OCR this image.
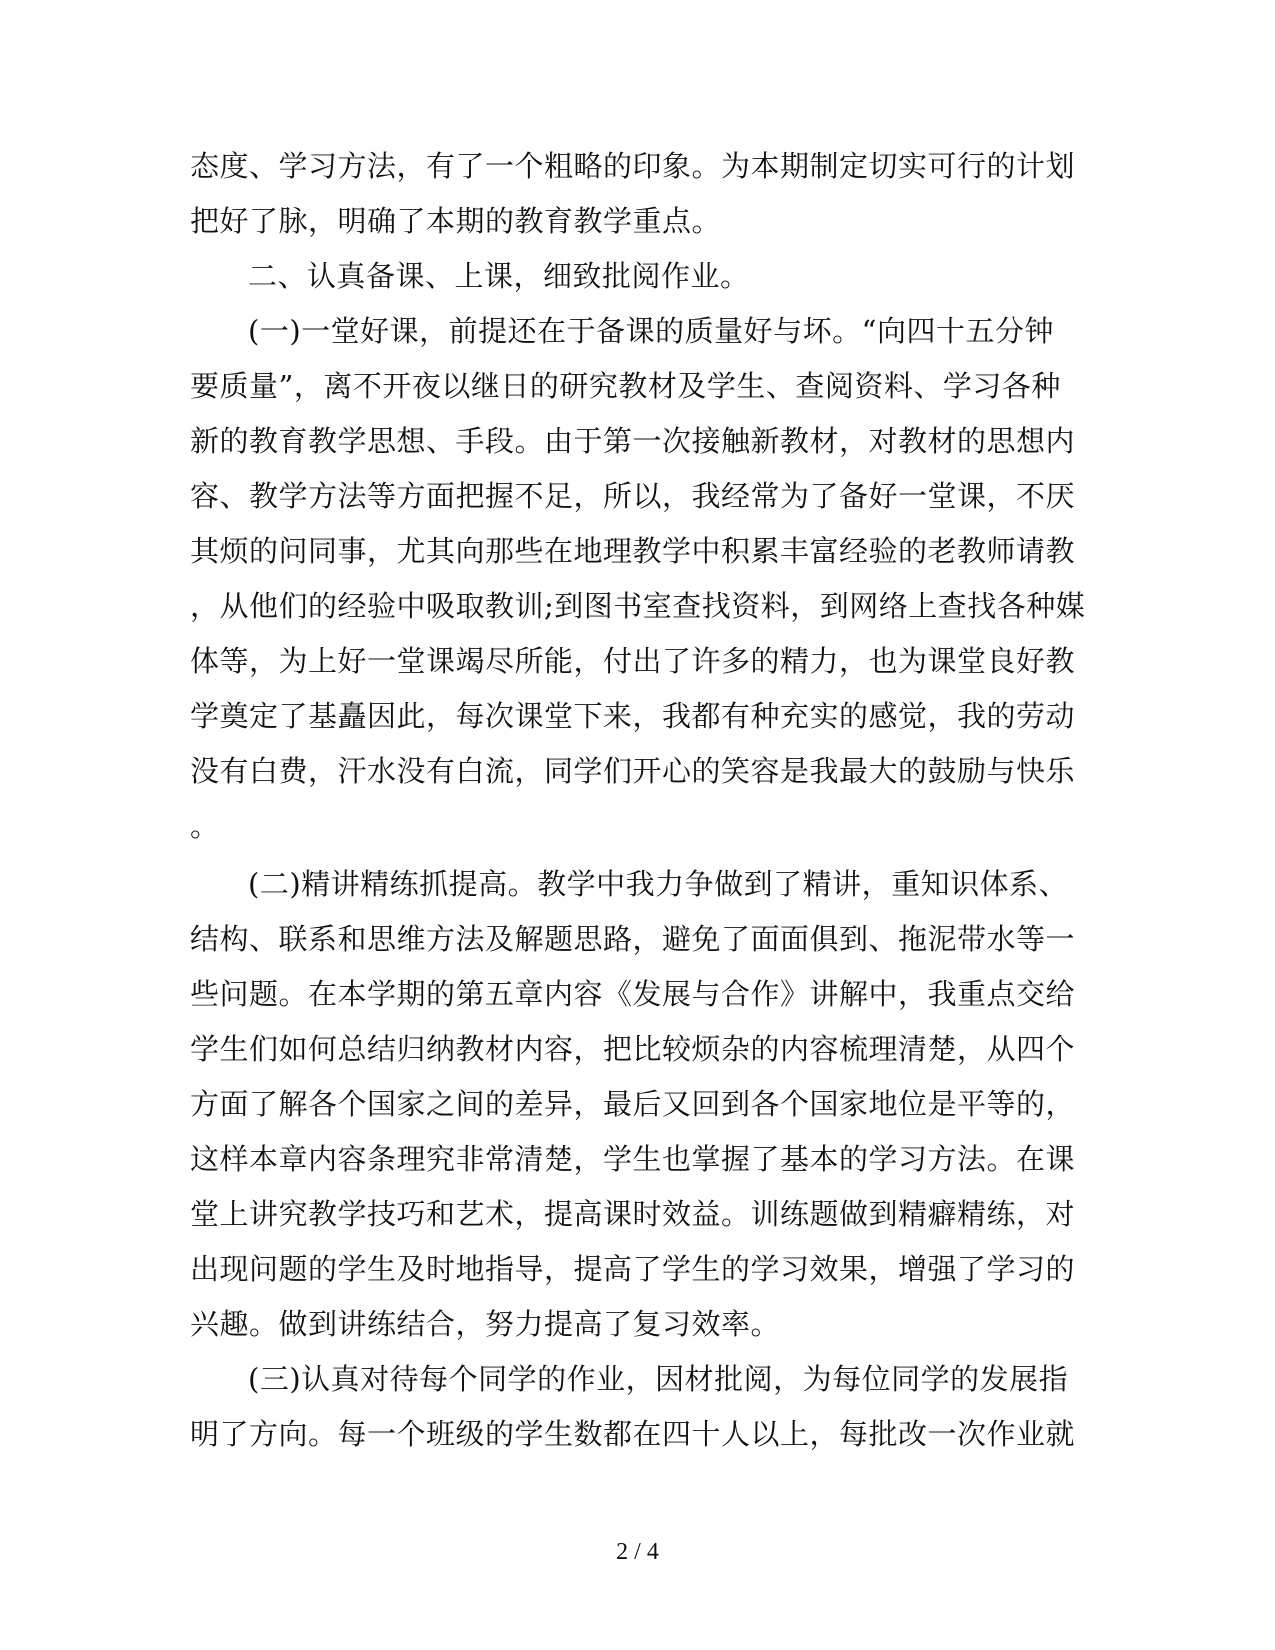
态度、学习方法，有了一个粗略的印象。为本期制定切实可行的计划
把好了脉，明确了本期的教育教学重点。
二、认真备课、上课，细致批阅作业。
(一)一堂好课，前提还在于备课的质量好与坏。“向四十五分钟
要质量”，离不开夜以继日的研究教材及学生、查阅资料、学习各种
新的教育教学思想、手段。由于第一次接触新教材，对教材的思想内
容、教学方法等方面把握不足，所以，我经常为了备好一堂课，不厌
其烦的问同事，尤其向那些在地理教学中积累丰富经验的老教师请教
，从他们的经验中吸取教训;到图书室查找资料，到网络上查找各种媒
体等，为上好一堂课竭尽所能，付出了许多的精力，也为课堂良好教
学奠定了基矗因此，每次课堂下来，我都有种充实的感觉，我的劳动
没有白费，汗水没有白流，同学们开心的笑容是我最大的鼓励与快乐
。
(二)精讲精练抓提高。教学中我力争做到了精讲，重知识体系、
结构、联系和思维方法及解题思路，避免了面面俱到、拖泥带水等一
些问题。在本学期的第五章内容《发展与合作》讲解中，我重点交给
学生们如何总结归纳教材内容，把比较烦杂的内容梳理清楚，从四个
方面了解各个国家之间的差异，最后又回到各个国家地位是平等的，
这样本章内容条理究非常清楚，学生也掌握了基本的学习方法。在课
堂上讲究教学技巧和艺术，提高课时效益。训练题做到精癖精练，对
出现问题的学生及时地指导，提高了学生的学习效果，增强了学习的
兴趣。做到讲练结合，努力提高了复习效率。
(三)认真对待每个同学的作业，因材批阅，为每位同学的发展指
明了方向。每一个班级的学生数都在四十人以上，每批改一次作业就
2 / 4
